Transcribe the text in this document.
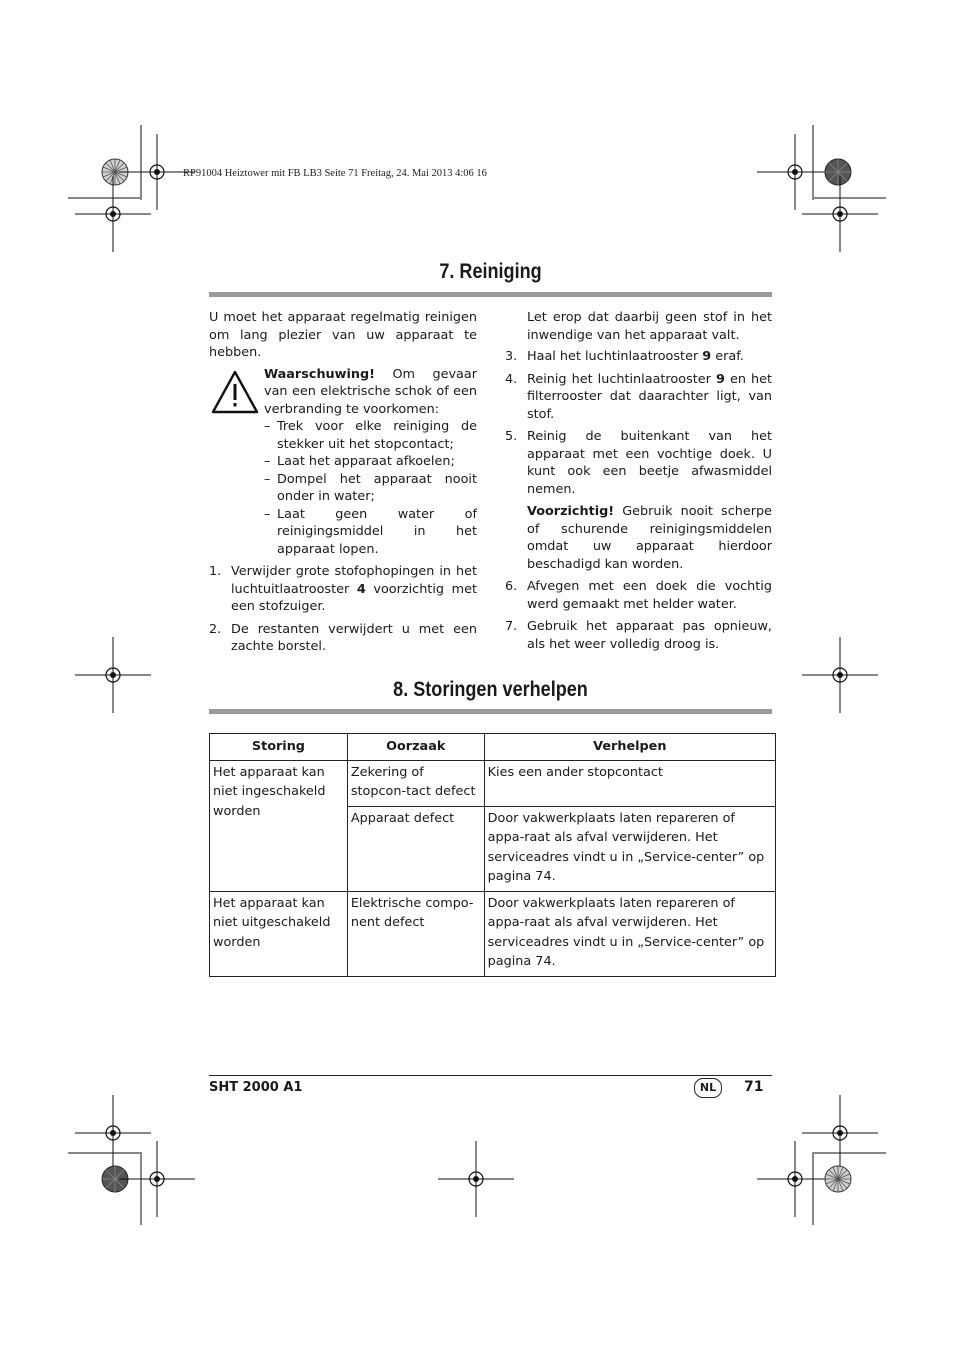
RP91004 Heiztower mit FB LB3 Seite 71 Freitag, 24. Mai 2013 4:06 16
7. Reiniging

U moet het apparaat regelmatig reinigen om lang plezier van uw apparaat te hebben.

Waarschuwing! Om gevaar van een elektrische schok of een verbranding te voorkomen:

– Trek voor elke reiniging de stekker uit het stopcontact;
– Laat het apparaat afkoelen;
– Dompel het apparaat nooit onder in water;
– Laat geen water of reinigingsmiddel in het apparaat lopen.
1. Verwijder grote stofophopingen in het luchtuitlaatrooster 4 voorzichtig met een stofzuiger.
2. De restanten verwijdert u met een zachte borstel.

Let erop dat daarbij geen stof in het inwendige van het apparaat valt.

3. Haal het luchtinlaatrooster 9 eraf.
4. Reinig het luchtinlaatrooster 9 en het filterrooster dat daarachter ligt, van stof.
5. Reinig de buitenkant van het apparaat met een vochtige doek. U kunt ook een beetje afwasmiddel nemen.

Voorzichtig! Gebruik nooit scherpe of schurende reinigingsmiddelen omdat uw apparaat hierdoor beschadigd kan worden.

6. Afvegen met een doek die vochtig werd gemaakt met helder water.
7. Gebruik het apparaat pas opnieuw, als het weer volledig droog is.
8. Storingen verhelpen
Storing	Oorzaak	Verhelpen
Het apparaat kan niet ingeschakeld worden	Zekering of stopcon-tact defect	Kies een ander stopcontact
	Apparaat defect	Door vakwerkplaats laten repareren of appa-raat als afval verwijderen. Het serviceadres vindt u in „Service-center” op pagina 74.
Het apparaat kan niet uitgeschakeld worden	Elektrische compo-nent defect	Door vakwerkplaats laten repareren of appa-raat als afval verwijderen. Het serviceadres vindt u in „Service-center” op pagina 74.
SHT 2000 A1	NL	71
